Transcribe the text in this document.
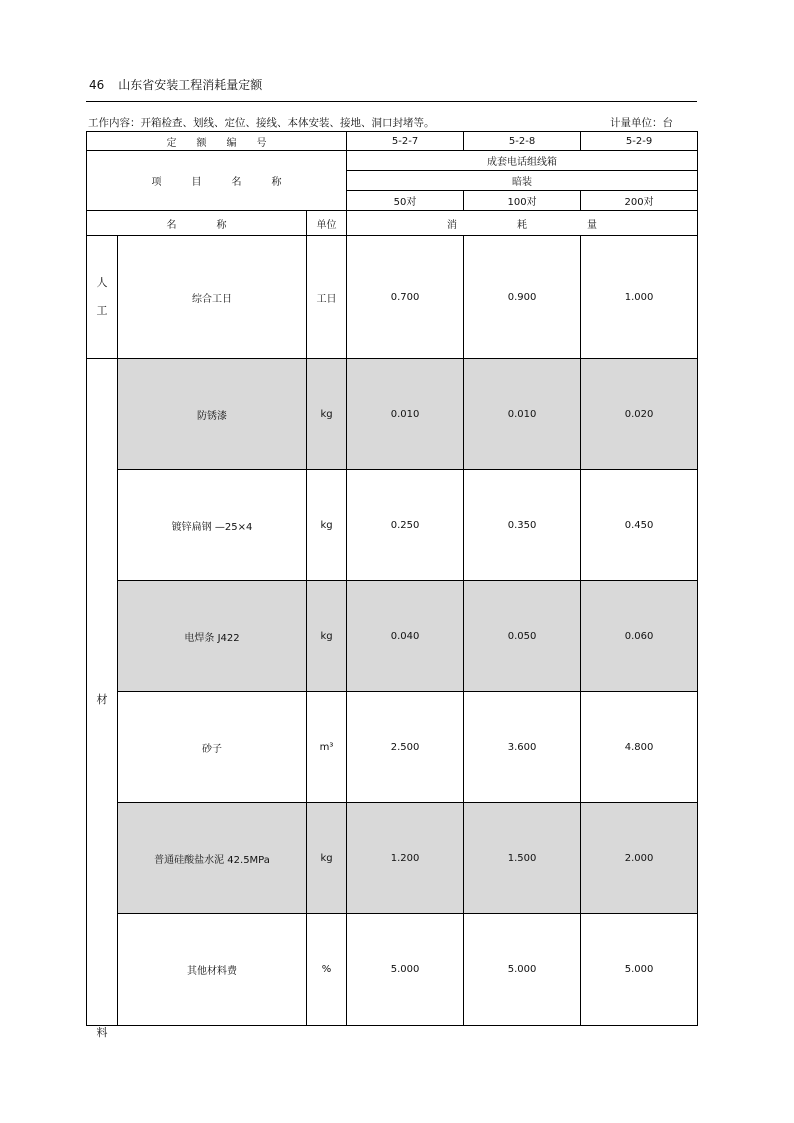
46 山东省安装工程消耗量定额
工作内容：开箱检查、划线、定位、接线、本体安装、接地、洞口封堵等。	计量单位：台
定　　额　　编　　号			5-2-7	5-2-8	5-2-9
项　　　目　　　名　　　称			成套电话组线箱		
			暗装		
			50对	100对	200对
名　　　　称		单位	消　　　　　　耗　　　　　　量		

人
工	综合工日	工日	0.700	0.900	1.000

材
料	防锈漆	kg	0.010	0.010	0.020
	镀锌扁钢 —25×4	kg	0.250	0.350	0.450
	电焊条 J422	kg	0.040	0.050	0.060
	砂子	m³	2.500	3.600	4.800
	普通硅酸盐水泥 42.5MPa	kg	1.200	1.500	2.000
	其他材料费	%	5.000	5.000	5.000
